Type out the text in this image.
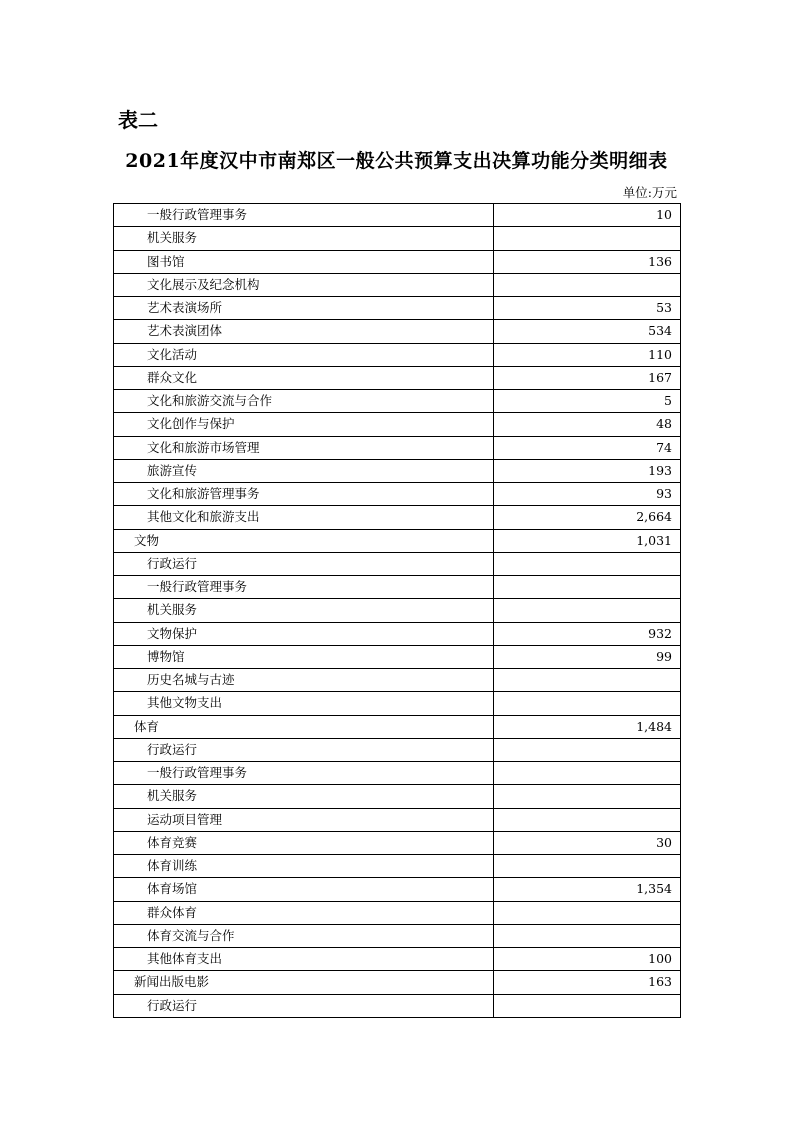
表二
2021年度汉中市南郑区一般公共预算支出决算功能分类明细表
单位:万元
一般行政管理事务	10
机关服务	
图书馆	136
文化展示及纪念机构	
艺术表演场所	53
艺术表演团体	534
文化活动	110
群众文化	167
文化和旅游交流与合作	5
文化创作与保护	48
文化和旅游市场管理	74
旅游宣传	193
文化和旅游管理事务	93
其他文化和旅游支出	2,664
文物	1,031
行政运行	
一般行政管理事务	
机关服务	
文物保护	932
博物馆	99
历史名城与古迹	
其他文物支出	
体育	1,484
行政运行	
一般行政管理事务	
机关服务	
运动项目管理	
体育竞赛	30
体育训练	
体育场馆	1,354
群众体育	
体育交流与合作	
其他体育支出	100
新闻出版电影	163
行政运行	
